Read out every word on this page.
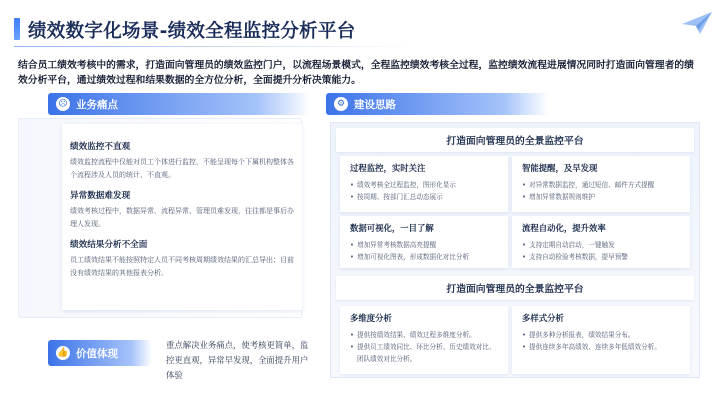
绩效数字化场景-绩效全程监控分析平台
结合员工绩效考核中的需求，打造面向管理员的绩效监控门户，以流程场景模式，全程监控绩效考核全过程，监控绩效流程进展情况同时打造面向管理者的绩效分析平台，通过绩效过程和结果数据的全方位分析，全面提升分析决策能力。
☹ 业务痛点
绩效监控不直观
绩效监控流程中仅能对员工个体进行监控，不能呈现每个下属机构整体各个流程涉及人员的统计、不直观。
异常数据难发现
绩效考核过程中，数据异常、流程异常、管理员难发现，往往都是事后办理人发现。
绩效结果分析不全面
员工绩效结果不能按照特定人员不同考核周期绩效结果的汇总导出；目前没有绩效结果的其他报表分析。
👍 价值体现
重点解决业务痛点，使考核更简单，监控更直观，异常早发现，全面提升用户体验
⚙ 建设思路
打造面向管理员的全景监控平台
过程监控，实时关注
• 绩效考核全过程监控，图形化显示
• 按周期、按部门汇总动态展示
智能提醒，及早发现
• 对异常数据监控，通过短信、邮件方式提醒
• 增加异常数据规则维护
数据可视化，一目了解
• 增加异常考核数据高亮提醒
• 增加可视化图表，形成数据化对比分析
流程自动化，提升效率
• 支持定期自动启动，一键触发
• 支持自动检验考核数据，提早预警
打造面向管理员的全景监控平台
多维度分析
• 提供按绩效结果、绩效过程多维度分析。
• 提供员工绩效同比、环比分析、历史绩效对比、团队绩效对比分析。
多样式分析
• 提供多种分析报表，绩效结果分布。
• 提供连续多年高绩效、连续多年低绩效分析。
